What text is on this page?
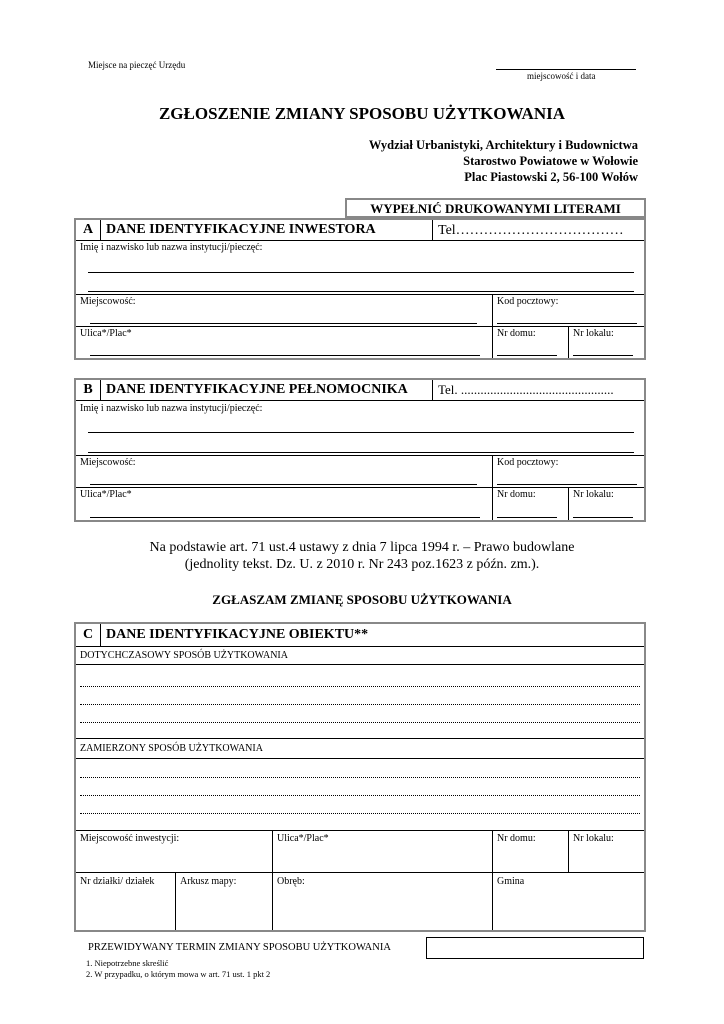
Miejsce na pieczęć Urzędu
miejscowość i data
ZGŁOSZENIE ZMIANY SPOSOBU UŻYTKOWANIA
Wydział Urbanistyki, Architektury i Budownictwa
Starostwo Powiatowe w Wołowie
Plac Piastowski 2, 56-100 Wołów
WYPEŁNIĆ DRUKOWANYMI LITERAMI
A DANE IDENTYFIKACYJNE INWESTORA	Tel………………………………
Imię i nazwisko lub nazwa instytucji/pieczęć:
Miejscowość:	Kod pocztowy:
Ulica*/Plac*	Nr domu:	Nr lokalu:
B DANE IDENTYFIKACYJNE PEŁNOMOCNIKA Tel. ...............................................
Imię i nazwisko lub nazwa instytucji/pieczęć:
Miejscowość:	Kod pocztowy:
Ulica*/Plac*	Nr domu:	Nr lokalu:
Na podstawie art. 71 ust.4 ustawy z dnia 7 lipca 1994 r. – Prawo budowlane
(jednolity tekst. Dz. U. z 2010 r. Nr 243 poz.1623 z późn. zm.).
ZGŁASZAM ZMIANĘ SPOSOBU UŻYTKOWANIA
C DANE IDENTYFIKACYJNE OBIEKTU**
DOTYCHCZASOWY SPOSÓB UŻYTKOWANIA
ZAMIERZONY SPOSÓB UŻYTKOWANIA
Miejscowość inwestycji:	Ulica*/Plac*	Nr domu:	Nr lokalu:
Nr działki/ działek	Arkusz mapy:	Obręb:	Gmina
PRZEWIDYWANY TERMIN ZMIANY SPOSOBU UŻYTKOWANIA
1. Niepotrzebne skreślić
2. W przypadku, o którym mowa w art. 71 ust. 1 pkt 2
